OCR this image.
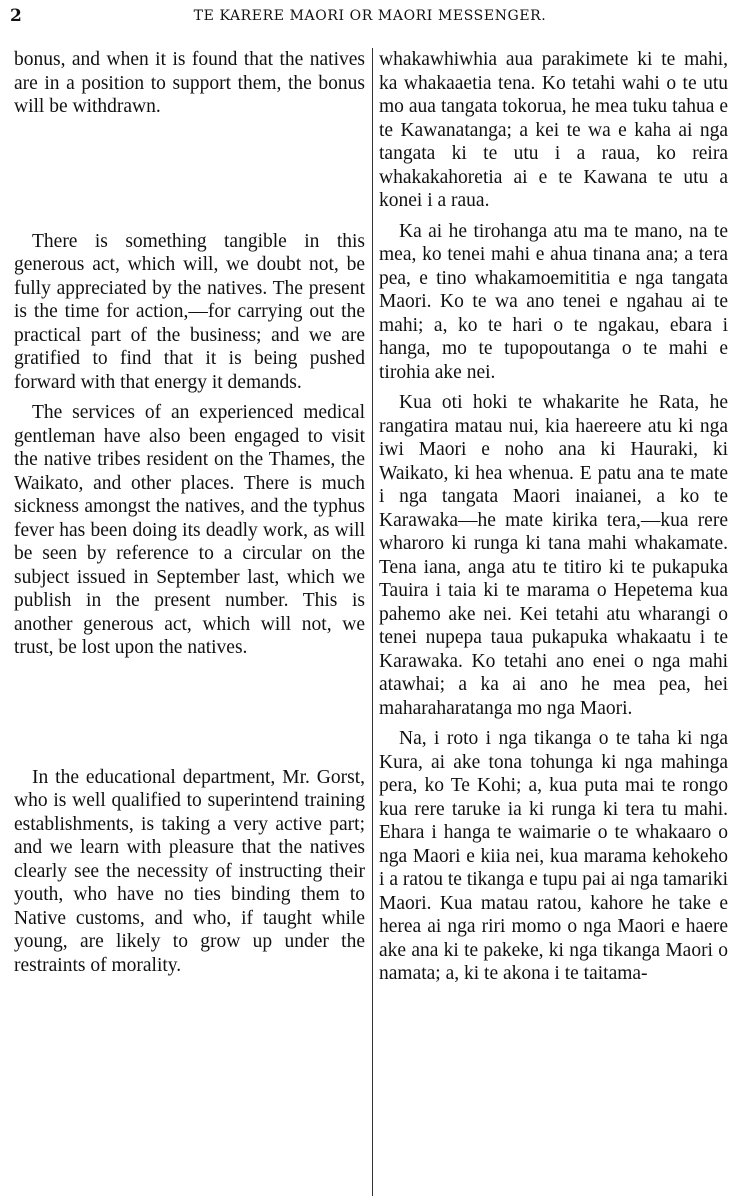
2	TE KARERE MAORI OR MAORI MESSENGER.

bonus, and when it is found that the natives are in a position to support them, the bonus will be withdrawn.

There is something tangible in this generous act, which will, we doubt not, be fully appreciated by the natives. The present is the time for action,—for carrying out the practical part of the business; and we are gratified to find that it is being pushed forward with that energy it demands.

The services of an experienced medical gentleman have also been engaged to visit the native tribes resident on the Thames, the Waikato, and other places. There is much sickness amongst the natives, and the typhus fever has been doing its deadly work, as will be seen by reference to a circular on the subject issued in September last, which we publish in the present number. This is another generous act, which will not, we trust, be lost upon the natives.

In the educational department, Mr. Gorst, who is well qualified to superintend training establishments, is taking a very active part; and we learn with pleasure that the natives clearly see the necessity of instructing their youth, who have no ties binding them to Native customs, and who, if taught while young, are likely to grow up under the restraints of morality.

whakawhiwhia aua parakimete ki te mahi, ka whakaaetia tena. Ko tetahi wahi o te utu mo aua tangata tokorua, he mea tuku tahua e te Kawanatanga; a kei te wa e kaha ai nga tangata ki te utu i a raua, ko reira whakakahoretia ai e te Kawana te utu a konei i a raua.

Ka ai he tirohanga atu ma te mano, na te mea, ko tenei mahi e ahua tinana ana; a tera pea, e tino whakamoemititia e nga tangata Maori. Ko te wa ano tenei e ngahau ai te mahi; a, ko te hari o te ngakau, ebara i hanga, mo te tupopoutanga o te mahi e tirohia ake nei.

Kua oti hoki te whakarite he Rata, he rangatira matau nui, kia haereere atu ki nga iwi Maori e noho ana ki Hauraki, ki Waikato, ki hea whenua. E patu ana te mate i nga tangata Maori inaianei, a ko te Karawaka—he mate kirika tera,—kua rere wharoro ki runga ki tana mahi whakamate. Tena iana, anga atu te titiro ki te pukapuka Tauira i taia ki te marama o Hepetema kua pahemo ake nei. Kei tetahi atu wharangi o tenei nupepa taua pukapuka whakaatu i te Karawaka. Ko tetahi ano enei o nga mahi atawhai; a ka ai ano he mea pea, hei maharaharatanga mo nga Maori.

Na, i roto i nga tikanga o te taha ki nga Kura, ai ake tona tohunga ki nga mahinga pera, ko Te Kohi; a, kua puta mai te rongo kua rere taruke ia ki runga ki tera tu mahi. Ehara i hanga te waimarie o te whakaaro o nga Maori e kiia nei, kua marama kehokeho i a ratou te tikanga e tupu pai ai nga tamariki Maori. Kua matau ratou, kahore he take e herea ai nga riri momo o nga Maori e haere ake ana ki te pakeke, ki nga tikanga Maori o namata; a, ki te akona i te taitama-
